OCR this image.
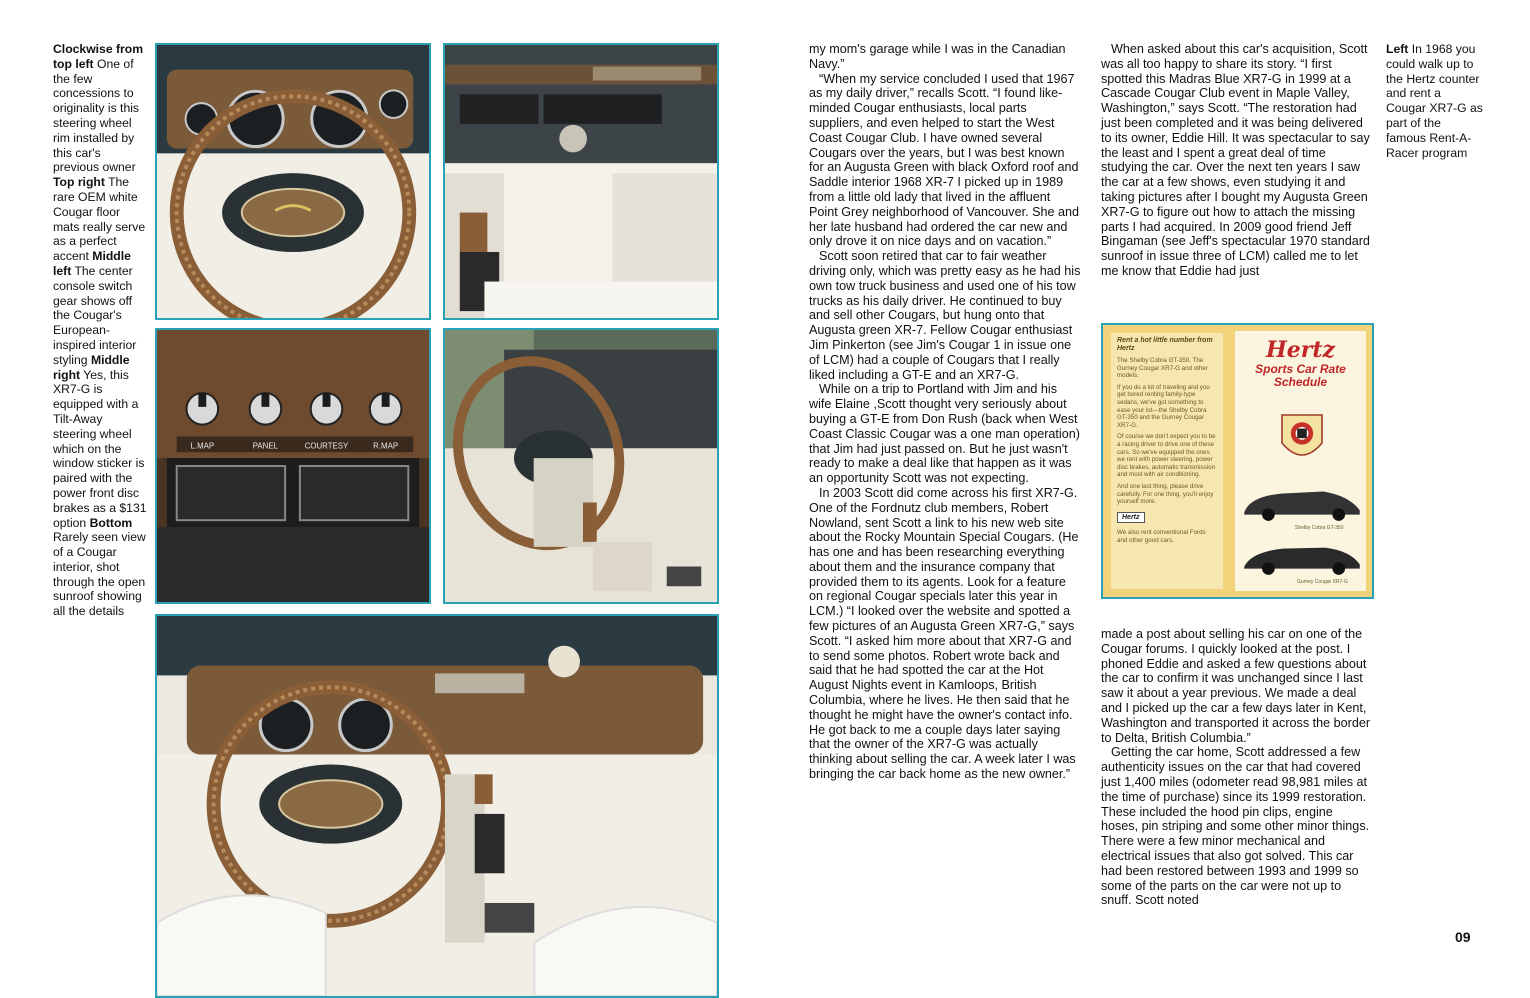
Clockwise from top left One of the few concessions to originality is this steering wheel rim installed by this car's previous owner Top right The rare OEM white Cougar floor mats really serve as a perfect accent Middle left The center console switch gear shows off the Cougar's European-inspired interior styling Middle right Yes, this XR7-G is equipped with a Tilt-Away steering wheel which on the window sticker is paired with the power front disc brakes as a $131 option Bottom Rarely seen view of a Cougar interior, shot through the open sunroof showing all the details
L.MAP	PANEL	COURTESY	R.MAP

my mom's garage while I was in the Canadian Navy.”

“When my service concluded I used that 1967 as my daily driver,” recalls Scott. “I found like-minded Cougar enthusiasts, local parts suppliers, and even helped to start the West Coast Cougar Club. I have owned several Cougars over the years, but I was best known for an Augusta Green with black Oxford roof and Saddle interior 1968 XR-7 I picked up in 1989 from a little old lady that lived in the affluent Point Grey neighborhood of Vancouver. She and her late husband had ordered the car new and only drove it on nice days and on vacation.”

Scott soon retired that car to fair weather driving only, which was pretty easy as he had his own tow truck business and used one of his tow trucks as his daily driver. He continued to buy and sell other Cougars, but hung onto that Augusta green XR-7. Fellow Cougar enthusiast Jim Pinkerton (see Jim's Cougar 1 in issue one of LCM) had a couple of Cougars that I really liked including a GT-E and an XR7-G.

While on a trip to Portland with Jim and his wife Elaine ,Scott thought very seriously about buying a GT-E from Don Rush (back when West Coast Classic Cougar was a one man operation) that Jim had just passed on. But he just wasn't ready to make a deal like that happen as it was an opportunity Scott was not expecting.

In 2003 Scott did come across his first XR7-G. One of the Fordnutz club members, Robert Nowland, sent Scott a link to his new web site about the Rocky Mountain Special Cougars. (He has one and has been researching everything about them and the insurance company that provided them to its agents. Look for a feature on regional Cougar specials later this year in LCM.) “I looked over the website and spotted a few pictures of an Augusta Green XR7-G,” says Scott. “I asked him more about that XR7-G and to send some photos. Robert wrote back and said that he had spotted the car at the Hot August Nights event in Kamloops, British Columbia, where he lives. He then said that he thought he might have the owner's contact info. He got back to me a couple days later saying that the owner of the XR7-G was actually thinking about selling the car. A week later I was bringing the car back home as the new owner.”

When asked about this car's acquisition, Scott was all too happy to share its story. “I first spotted this Madras Blue XR7-G in 1999 at a Cascade Cougar Club event in Maple Valley, Washington,” says Scott. “The restoration had just been completed and it was being delivered to its owner, Eddie Hill. It was spectacular to say the least and I spent a great deal of time studying the car. Over the next ten years I saw the car at a few shows, even studying it and taking pictures after I bought my Augusta Green XR7-G to figure out how to attach the missing parts I had acquired. In 2009 good friend Jeff Bingaman (see Jeff's spectacular 1970 standard sunroof in issue three of LCM) called me to let me know that Eddie had just

Rent a hot little number from Hertz
The Shelby Cobra GT-350, The Gurney Cougar XR7-G and other models.
If you do a lot of traveling and you get bored renting family-type sedans, we've got something to ease your lot—the Shelby Cobra GT-350 and the Gurney Cougar XR7-G.
Of course we don't expect you to be a racing driver to drive one of these cars. So we've equipped the ones we rent with power steering, power disc brakes, automatic transmission and most with air conditioning.
And one last thing, please drive carefully. For one thing, you'll enjoy yourself more.
Hertz
We also rent conventional Fords and other good cars.
Hertz
Sports Car Rate Schedule
Shelby Cobra GT-350
Gurney Cougar XR7-G

made a post about selling his car on one of the Cougar forums. I quickly looked at the post. I phoned Eddie and asked a few questions about the car to confirm it was unchanged since I last saw it about a year previous. We made a deal and I picked up the car a few days later in Kent, Washington and transported it across the border to Delta, British Columbia.”

Getting the car home, Scott addressed a few authenticity issues on the car that had covered just 1,400 miles (odometer read 98,981 miles at the time of purchase) since its 1999 restoration. These included the hood pin clips, engine hoses, pin striping and some other minor things. There were a few minor mechanical and electrical issues that also got solved. This car had been restored between 1993 and 1999 so some of the parts on the car were not up to snuff. Scott noted

Left In 1968 you could walk up to the Hertz counter and rent a Cougar XR7-G as part of the famous Rent-A-Racer program
09
